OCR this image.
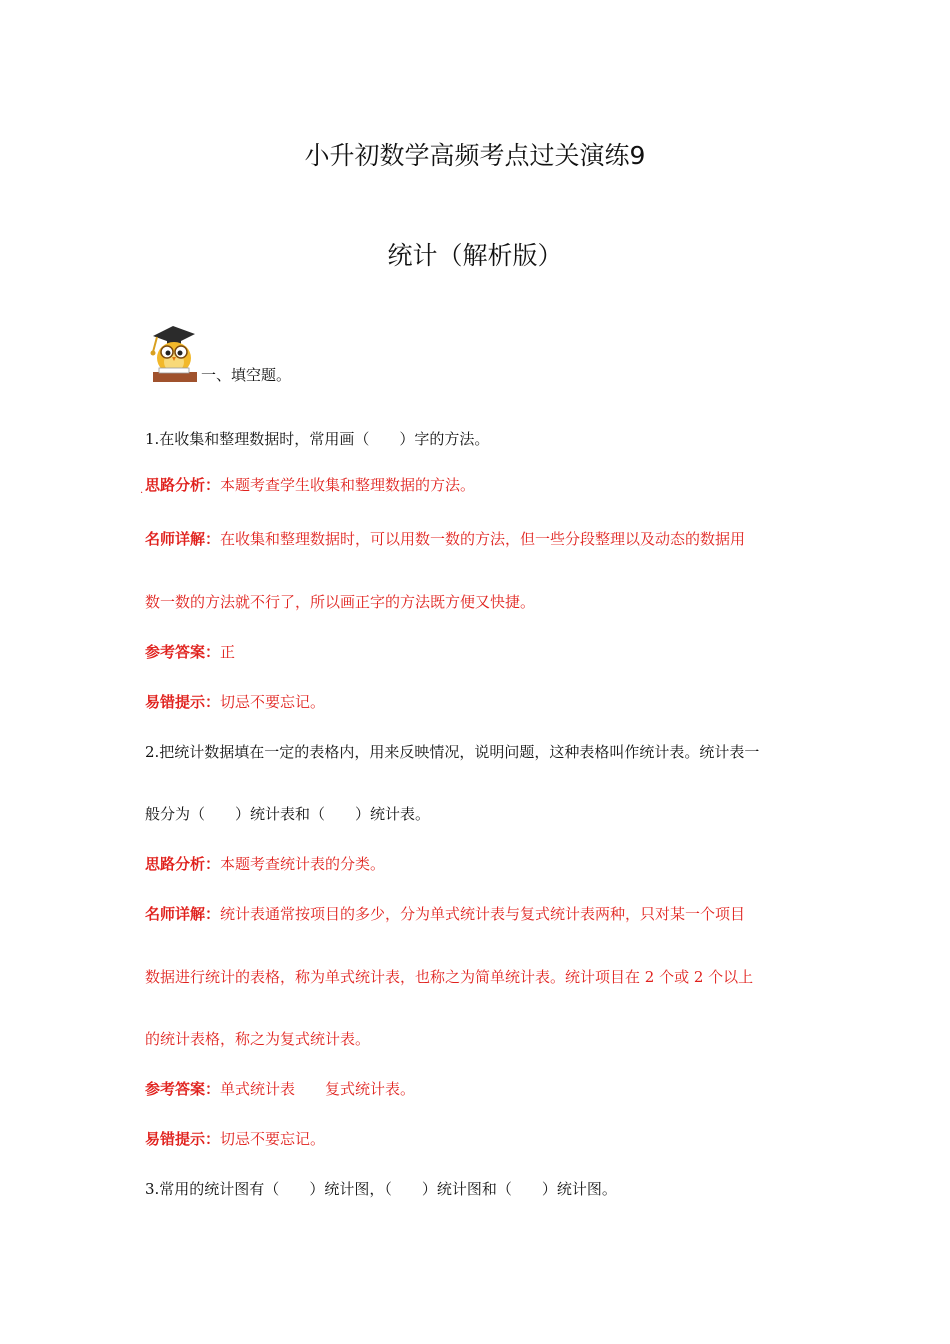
小升初数学高频考点过关演练9
统计（解析版）
一、填空题。
1.在收集和整理数据时，常用画（　　）字的方法。
. 思路分析：本题考查学生收集和整理数据的方法。
名师详解：在收集和整理数据时，可以用数一数的方法，但一些分段整理以及动态的数据用
数一数的方法就不行了，所以画正字的方法既方便又快捷。
参考答案：正
易错提示：切忌不要忘记。
2.把统计数据填在一定的表格内，用来反映情况，说明问题，这种表格叫作统计表。统计表一
般分为（　　）统计表和（　　）统计表。
思路分析：本题考查统计表的分类。
名师详解：统计表通常按项目的多少，分为单式统计表与复式统计表两种，只对某一个项目
数据进行统计的表格，称为单式统计表，也称之为简单统计表。统计项目在 2 个或 2 个以上
的统计表格，称之为复式统计表。
参考答案：单式统计表　　复式统计表。
易错提示：切忌不要忘记。
3.常用的统计图有（　　）统计图，（　　）统计图和（　　）统计图。
